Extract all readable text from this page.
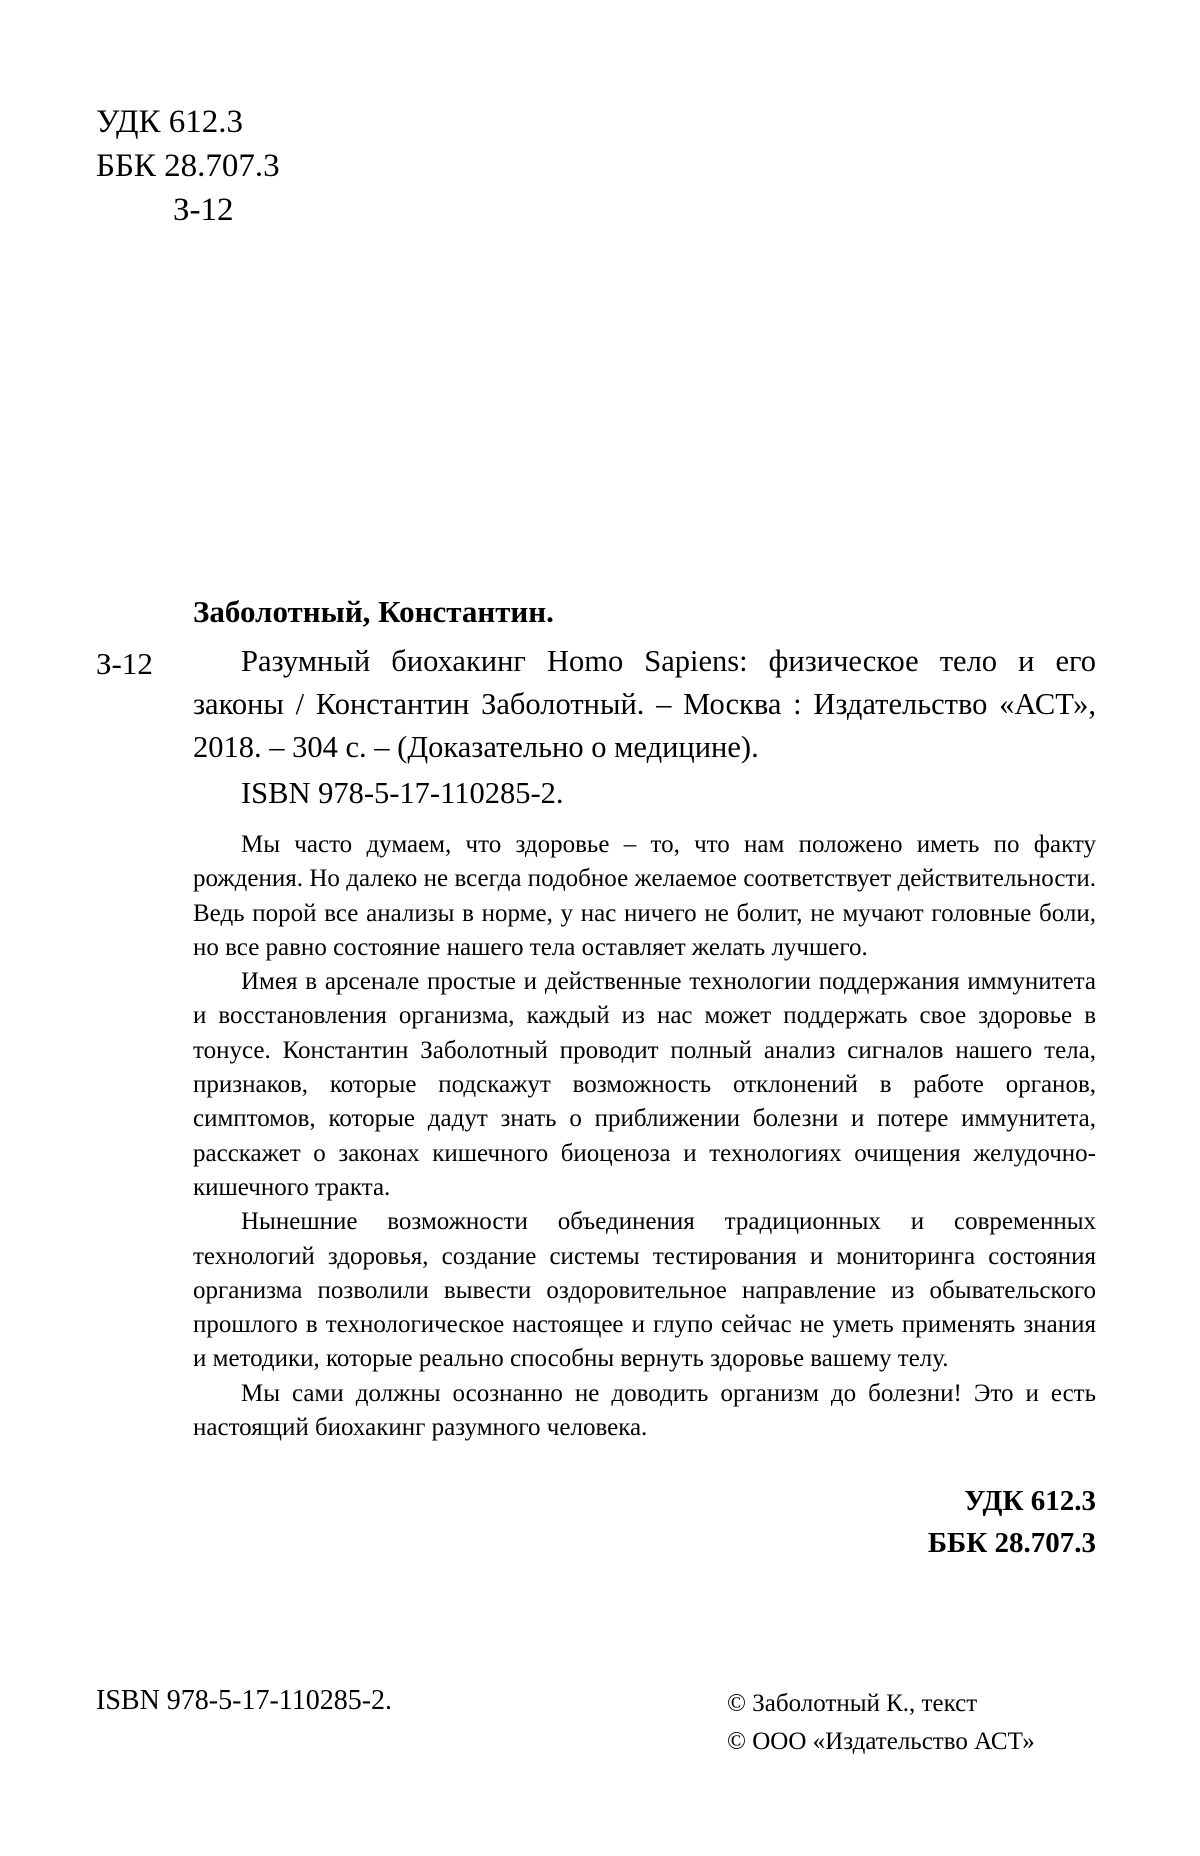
УДК 612.3
ББК 28.707.3
З-12
Заболотный, Константин.
З-12	Разумный биохакинг Homo Sapiens: физическое тело и его законы / Константин Заболотный. – Москва : Издательство «АСТ», 2018. – 304 с. – (Доказательно о медицине).
ISBN 978-5-17-110285-2.

Мы часто думаем, что здоровье – то, что нам положено иметь по факту рождения. Но далеко не всегда подобное желаемое соответствует действительности. Ведь порой все анализы в норме, у нас ничего не болит, не мучают головные боли, но все равно состояние нашего тела оставляет желать лучшего.

Имея в арсенале простые и действенные технологии поддержания иммунитета и восстановления организма, каждый из нас может поддержать свое здоровье в тонусе. Константин Заболотный проводит полный анализ сигналов нашего тела, признаков, которые подскажут возможность отклонений в работе органов, симптомов, которые дадут знать о приближении болезни и потере иммунитета, расскажет о законах кишечного биоценоза и технологиях очищения желудочно-кишечного тракта.

Нынешние возможности объединения традиционных и современных технологий здоровья, создание системы тестирования и мониторинга состояния организма позволили вывести оздоровительное направление из обывательского прошлого в технологическое настоящее и глупо сейчас не уметь применять знания и методики, которые реально способны вернуть здоровье вашему телу.

Мы сами должны осознанно не доводить организм до болезни! Это и есть настоящий биохакинг разумного человека.

УДК 612.3
ББК 28.707.3
ISBN 978-5-17-110285-2.	© Заболотный К., текст
© ООО «Издательство АСТ»
